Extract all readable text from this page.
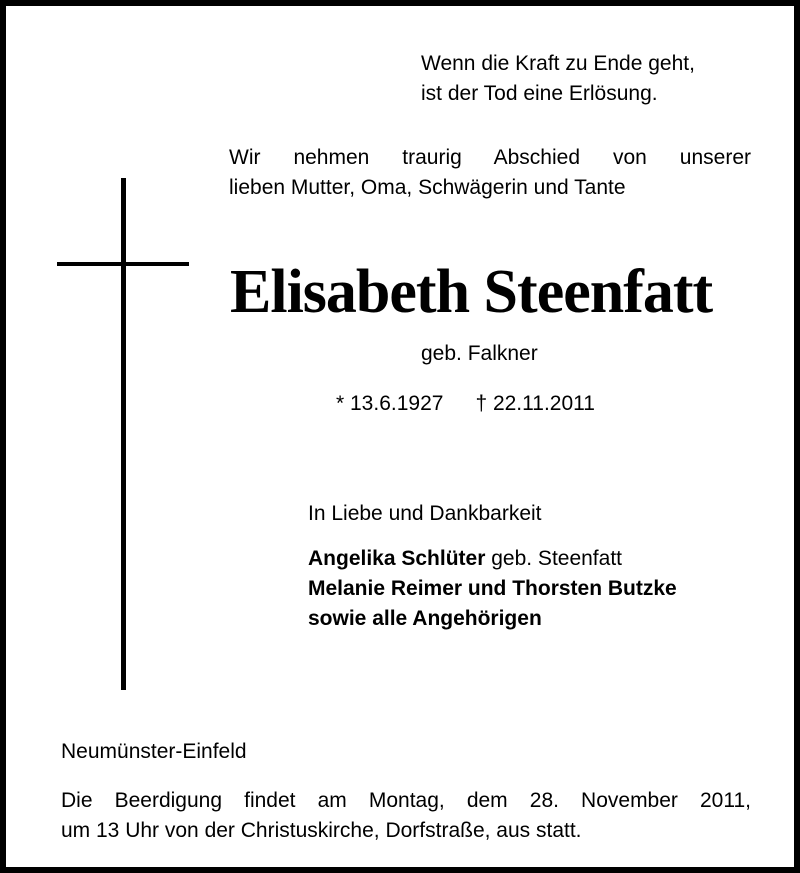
Wenn die Kraft zu Ende geht,
ist der Tod eine Erlösung.
Wir nehmen traurig Abschied von unserer
lieben Mutter, Oma, Schwägerin und Tante
Elisabeth Steenfatt
geb. Falkner
* 13.6.1927 † 22.11.2011
In Liebe und Dankbarkeit
Angelika Schlüter geb. Steenfatt
Melanie Reimer und Thorsten Butzke
sowie alle Angehörigen
Neumünster-Einfeld
Die Beerdigung findet am Montag, dem 28. November 2011,
um 13 Uhr von der Christuskirche, Dorfstraße, aus statt.
